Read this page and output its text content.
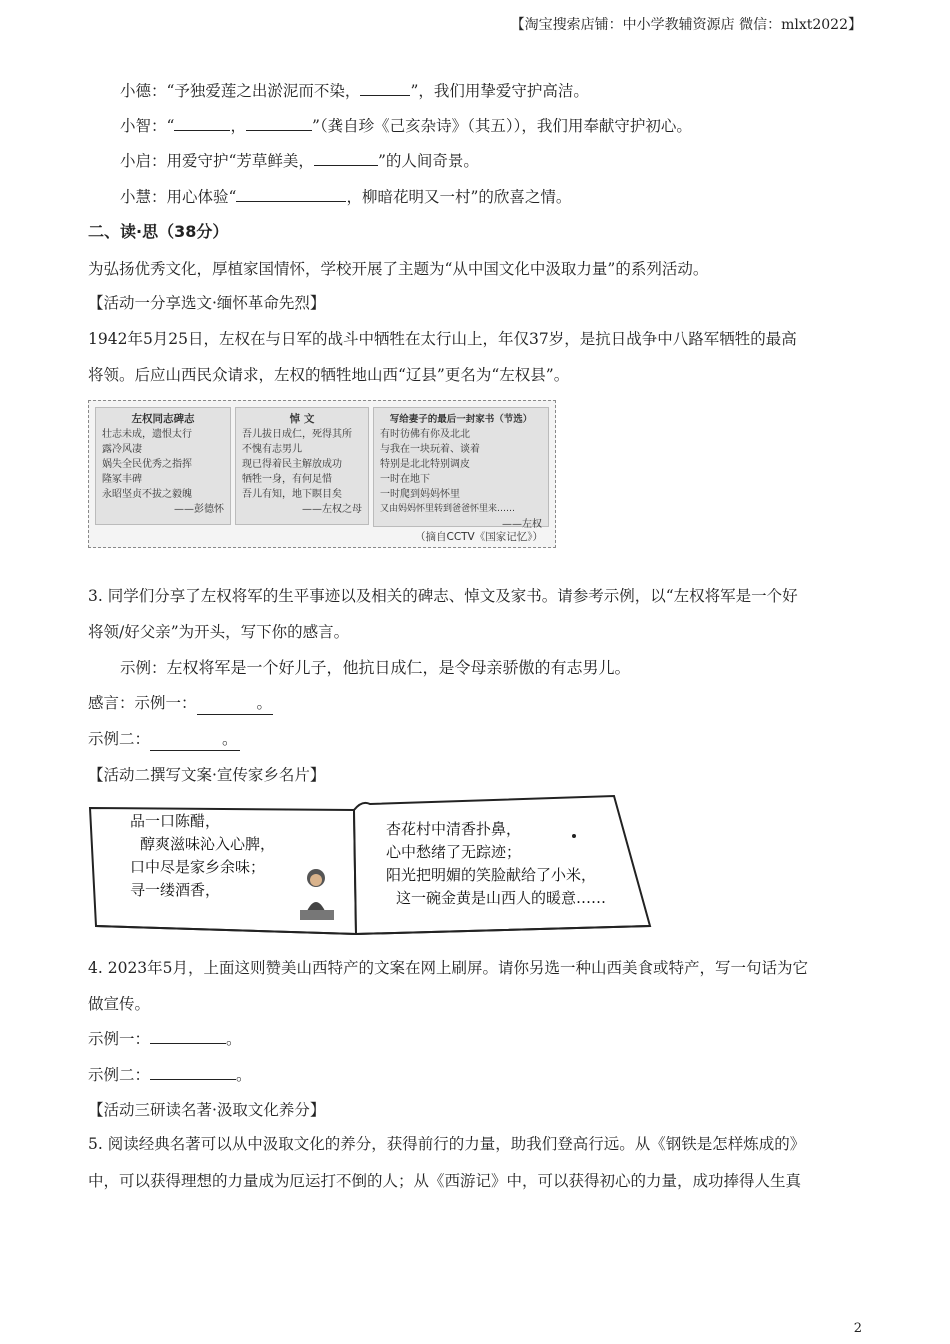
【淘宝搜索店铺：中小学教辅资源店 微信：mlxt2022】
小德：“予独爱莲之出淤泥而不染，	”，我们用挚爱守护高洁。
小智：“	，	”（龚自珍《己亥杂诗》（其五）），我们用奉献守护初心。
小启：用爱守护“芳草鲜美，	”的人间奇景。
小慧：用心体验“	，柳暗花明又一村”的欣喜之情。
二、读·思（38分）
为弘扬优秀文化，厚植家国情怀，学校开展了主题为“从中国文化中汲取力量”的系列活动。
【活动一分享选文·缅怀革命先烈】
1942年5月25日，左权在与日军的战斗中牺牲在太行山上，年仅37岁，是抗日战争中八路军牺牲的最高
将领。后应山西民众请求，左权的牺牲地山西“辽县”更名为“左权县”。
左权同志碑志
壮志未成，遗恨太行
露冷风凄
娲失全民优秀之指挥
隆冢丰碑
永昭坚贞不拔之毅魄
——彭德怀
悼 文
吾儿拔日成仁，死得其所
不愧有志男儿
现已得着民主解放成功
牺牲一身，有何足惜
吾儿有知，地下瞑目矣
——左权之母
写给妻子的最后一封家书（节选）
有时彷佛有你及北北
与我在一块玩着、谈着
特别是北北特别调皮
一时在地下
一时爬到妈妈怀里
又由妈妈怀里转到爸爸怀里来……
——左权
（摘自CCTV《国家记忆》）
3. 同学们分享了左权将军的生平事迹以及相关的碑志、悼文及家书。请参考示例，以“左权将军是一个好
将领/好父亲”为开头，写下你的感言。
示例：左权将军是一个好儿子，他抗日成仁，是令母亲骄傲的有志男儿。
感言：示例一：	。
示例二：	。
【活动二撰写文案·宣传家乡名片】
品一口陈醋，
醇爽滋味沁入心脾，
口中尽是家乡余味；
寻一缕酒香，
杏花村中清香扑鼻，
心中愁绪了无踪迹；
阳光把明媚的笑脸献给了小米，
这一碗金黄是山西人的暖意……
4. 2023年5月，上面这则赞美山西特产的文案在网上刷屏。请你另选一种山西美食或特产，写一句话为它
做宣传。
示例一：	。
示例二：	。
【活动三研读名著·汲取文化养分】
5. 阅读经典名著可以从中汲取文化的养分，获得前行的力量，助我们登高行远。从《钢铁是怎样炼成的》
中，可以获得理想的力量成为厄运打不倒的人；从《西游记》中，可以获得初心的力量，成功捧得人生真
2
